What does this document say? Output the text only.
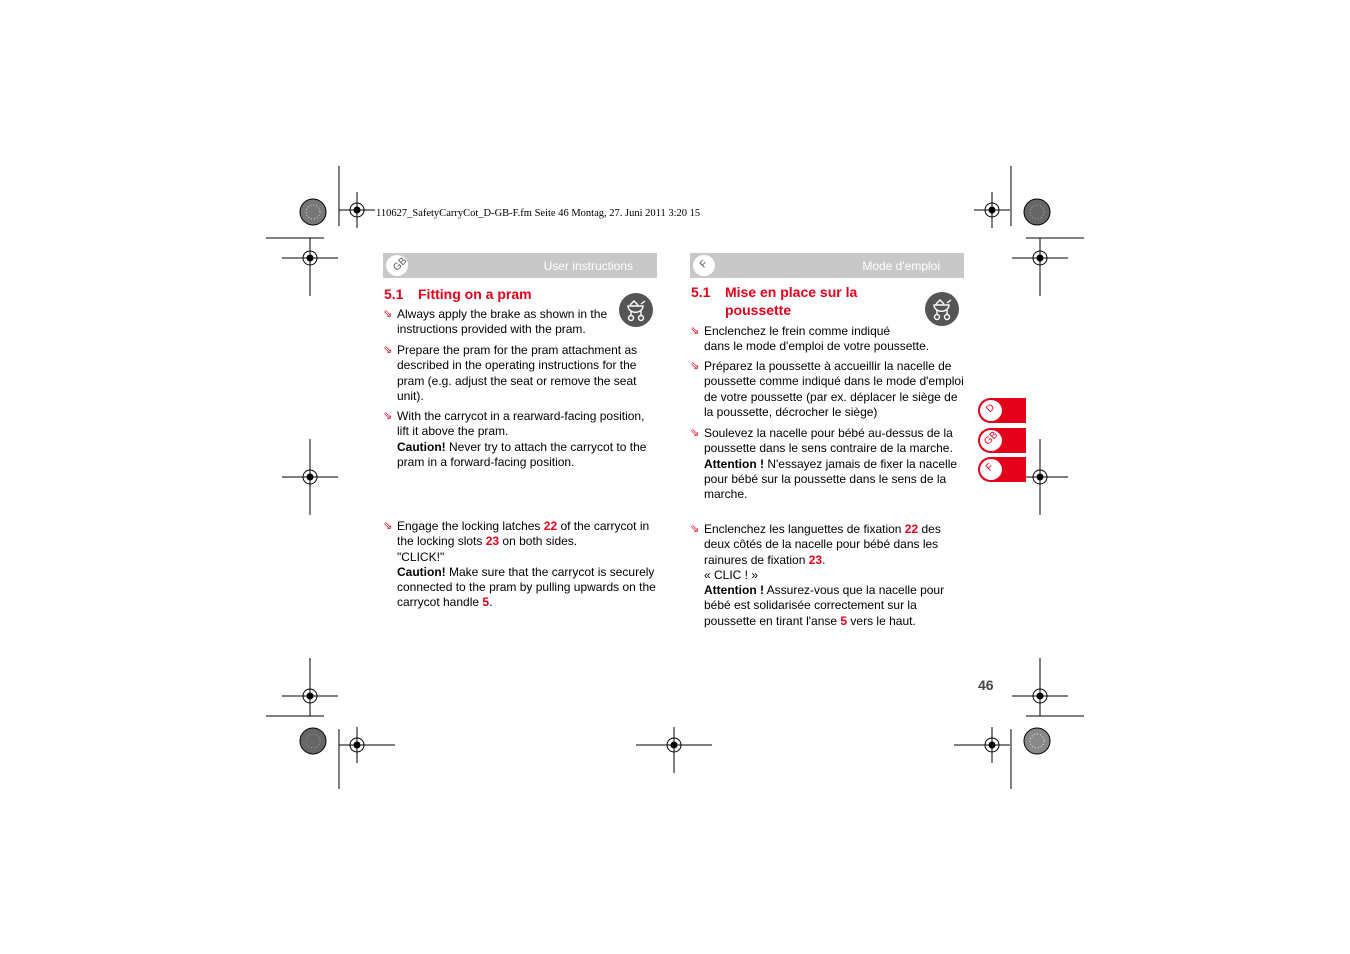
110627_SafetyCarryCot_D-GB-F.fm Seite 46 Montag, 27. Juni 2011 3:20 15
GB	User instructions
5.1 Fitting on a pram
⇘ Always apply the brake as shown in the instructions provided with the pram.
⇘ Prepare the pram for the pram attachment as described in the operating instructions for the pram (e.g. adjust the seat or remove the seat unit).
⇘ With the carrycot in a rearward-facing position, lift it above the pram.
Caution! Never try to attach the carrycot to the pram in a forward-facing position.
⇘ Engage the locking latches 22 of the carrycot in the locking slots 23 on both sides.
"CLICK!"
Caution! Make sure that the carrycot is securely connected to the pram by pulling upwards on the carrycot handle 5.
F	Mode d'emploi
5.1 Mise en place sur la
poussette
⇘ Enclenchez le frein comme indiqué
dans le mode d'emploi de votre poussette.
⇘ Préparez la poussette à accueillir la nacelle de poussette comme indiqué dans le mode d'emploi de votre poussette (par ex. déplacer le siège de la poussette, décrocher le siège)
⇘ Soulevez la nacelle pour bébé au-dessus de la poussette dans le sens contraire de la marche.
Attention ! N'essayez jamais de fixer la nacelle pour bébé sur la poussette dans le sens de la marche.
⇘ Enclenchez les languettes de fixation 22 des deux côtés de la nacelle pour bébé dans les rainures de fixation 23.
« CLIC ! »
Attention ! Assurez-vous que la nacelle pour bébé est solidarisée correctement sur la poussette en tirant l'anse 5 vers le haut.
D
GB
F
46
